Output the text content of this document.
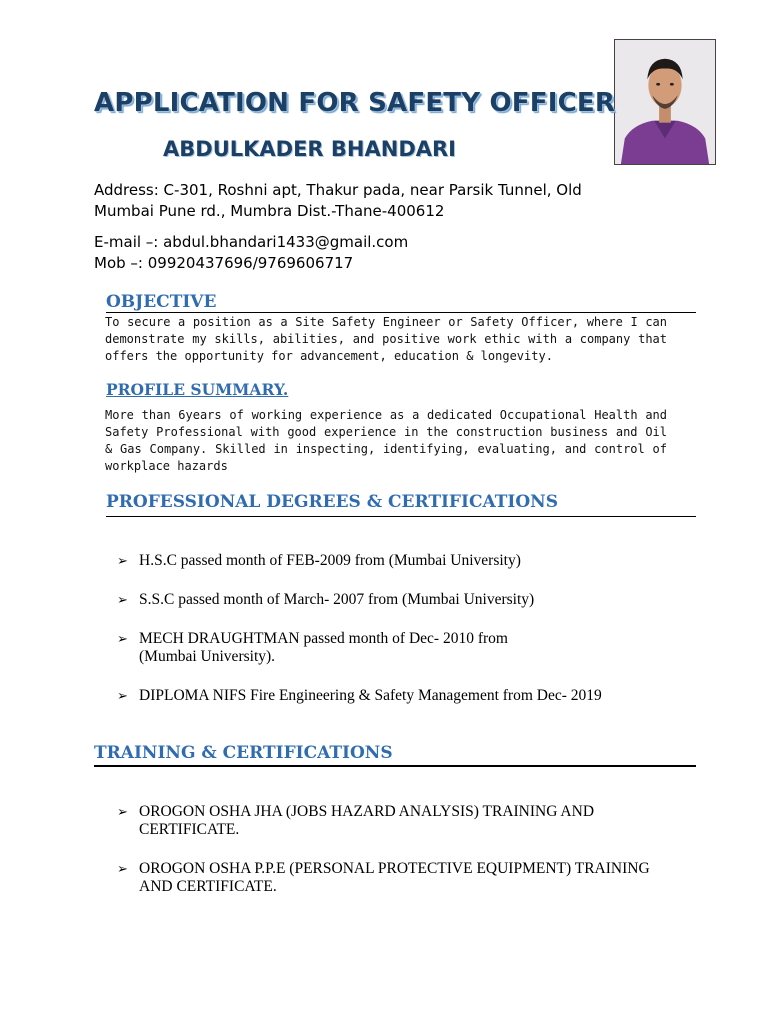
APPLICATION FOR SAFETY OFFICER
ABDULKADER BHANDARI

Address: C-301, Roshni apt, Thakur pada, near Parsik Tunnel, Old

Mumbai Pune rd., Mumbra Dist.-Thane-400612

E-mail –: abdul.bhandari1433@gmail.com

Mob –: 09920437696/9769606717

OBJECTIVE

To secure a position as a Site Safety Engineer or Safety Officer, where I can demonstrate my skills, abilities, and positive work ethic with a company that offers the opportunity for advancement, education & longevity.

PROFILE SUMMARY.

More than 6years of working experience as a dedicated Occupational Health and Safety Professional with good experience in the construction business and Oil & Gas Company. Skilled in inspecting, identifying, evaluating, and control of workplace hazards

PROFESSIONAL DEGREES & CERTIFICATIONS
➢ H.S.C passed month of FEB-2009 from (Mumbai University)
➢ S.S.C passed month of March- 2007 from (Mumbai University)
➢ MECH DRAUGHTMAN passed month of Dec- 2010 from (Mumbai University).
➢ DIPLOMA NIFS Fire Engineering & Safety Management from Dec- 2019
TRAINING & CERTIFICATIONS
➢ OROGON OSHA JHA (JOBS HAZARD ANALYSIS) TRAINING AND CERTIFICATE.
➢ OROGON OSHA P.P.E (PERSONAL PROTECTIVE EQUIPMENT) TRAINING AND CERTIFICATE.
